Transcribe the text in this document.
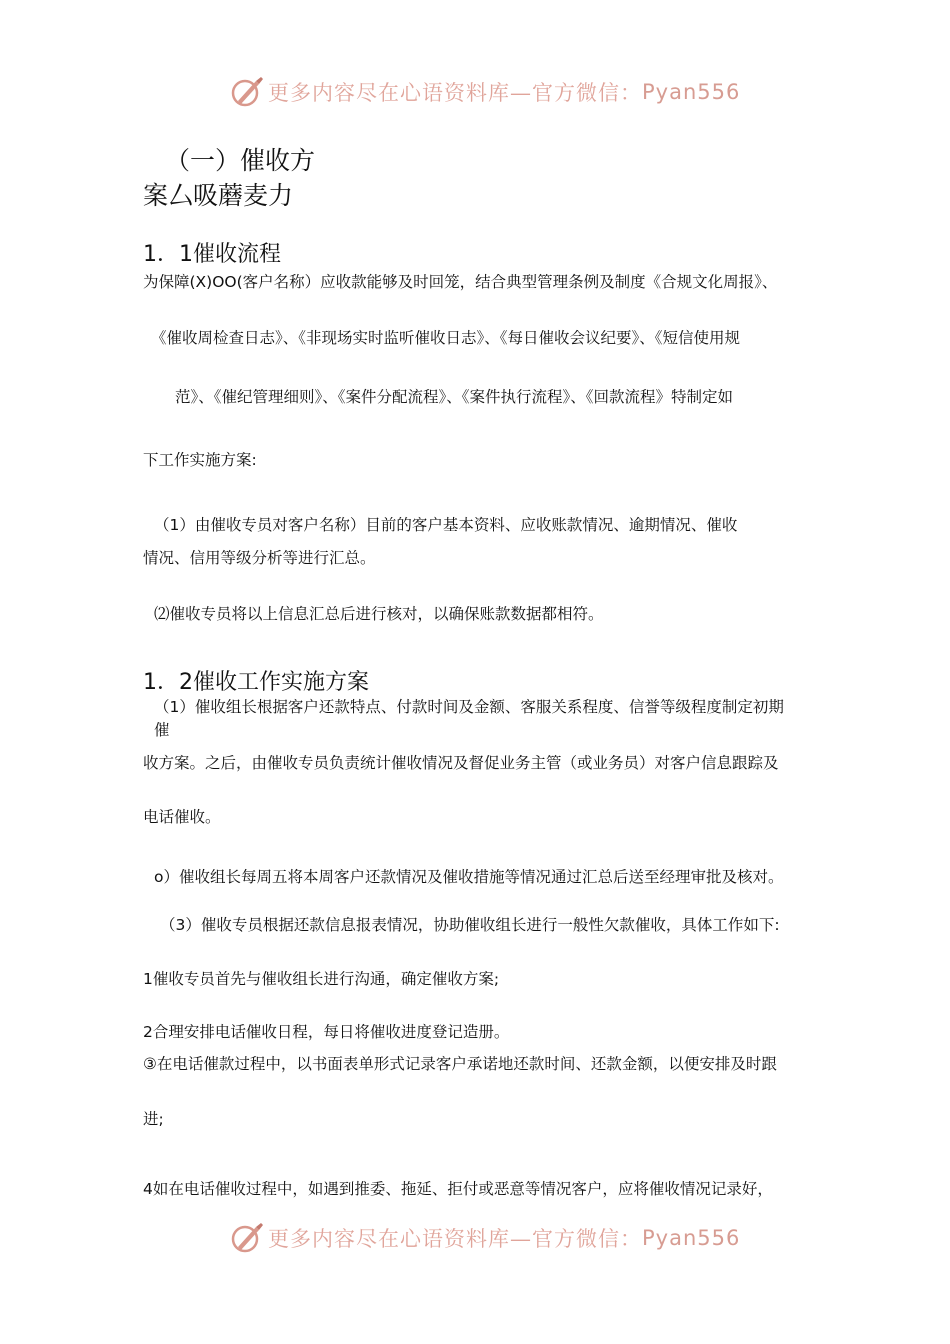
更多内容尽在心语资料库—官方微信： Pyan556
（一）催收方
案厶吸蘑麦力
1．1催收流程
为保障(X)OO(客户名称）应收款能够及时回笼，结合典型管理条例及制度《合规文化周报》、
《催收周检查日志》、《非现场实时监听催收日志》、《每日催收会议纪要》、《短信使用规
范》、《催纪管理细则》、《案件分配流程》、《案件执行流程》、《回款流程》特制定如
下工作实施方案:
（1）由催收专员对客户名称）目前的客户基本资料、应收账款情况、逾期情况、催收
情况、信用等级分析等进行汇总。
⑵催收专员将以上信息汇总后进行核对，以确保账款数据都相符。
1．2催收工作实施方案
（1）催收组长根据客户还款特点、付款时间及金额、客服关系程度、信誉等级程度制定初期
催
收方案。之后，由催收专员负责统计催收情况及督促业务主管（或业务员）对客户信息跟踪及
电话催收。
o）催收组长每周五将本周客户还款情况及催收措施等情况通过汇总后送至经理审批及核对。
（3）催收专员根据还款信息报表情况，协助催收组长进行一般性欠款催收，具体工作如下:
1催收专员首先与催收组长进行沟通，确定催收方案;
2合理安排电话催收日程，每日将催收进度登记造册。
③在电话催款过程中，以书面表单形式记录客户承诺地还款时间、还款金额，以便安排及时跟
进;
4如在电话催收过程中，如遇到推委、拖延、拒付或恶意等情况客户，应将催收情况记录好，
更多内容尽在心语资料库—官方微信： Pyan556
